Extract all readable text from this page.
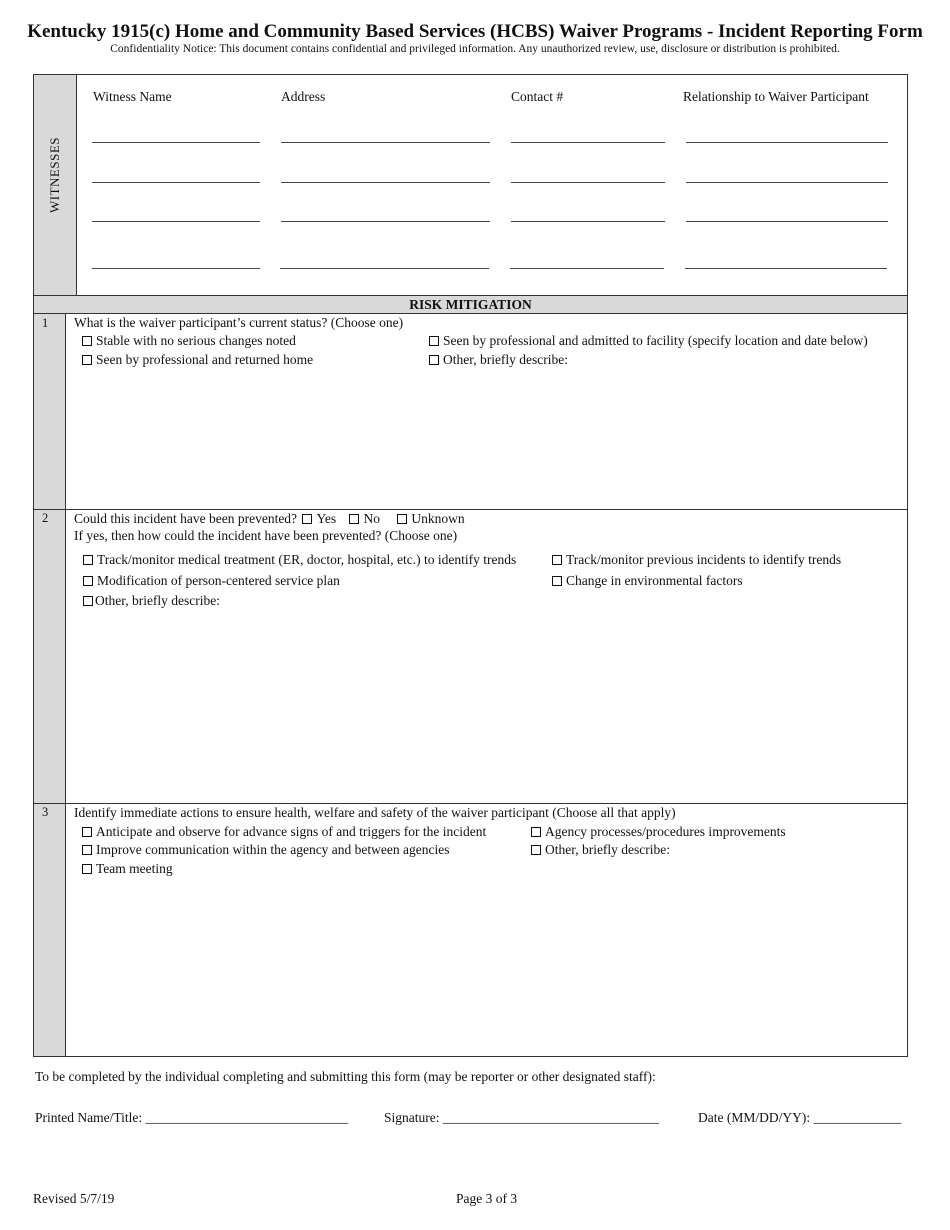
Kentucky 1915(c) Home and Community Based Services (HCBS) Waiver Programs - Incident Reporting Form
Confidentiality Notice: This document contains confidential and privileged information. Any unauthorized review, use, disclosure or distribution is prohibited.
WITNESSES
Witness Name	Address	Contact #	Relationship to Waiver Participant
RISK MITIGATION
1 What is the waiver participant’s current status? (Choose one)
Stable with no serious changes noted
Seen by professional and returned home
Seen by professional and admitted to facility (specify location and date below)
Other, briefly describe:
2 Could this incident have been prevented? Yes No Unknown
If yes, then how could the incident have been prevented? (Choose one)
Track/monitor medical treatment (ER, doctor, hospital, etc.) to identify trends
Modification of person-centered service plan
Other, briefly describe:
Track/monitor previous incidents to identify trends
Change in environmental factors
3 Identify immediate actions to ensure health, welfare and safety of the waiver participant (Choose all that apply)
Anticipate and observe for advance signs of and triggers for the incident
Improve communication within the agency and between agencies
Team meeting
Agency processes/procedures improvements
Other, briefly describe:
To be completed by the individual completing and submitting this form (may be reporter or other designated staff):
Printed Name/Title: ______________________________	Signature: ________________________________	Date (MM/DD/YY): _____________
Revised 5/7/19	Page 3 of 3
